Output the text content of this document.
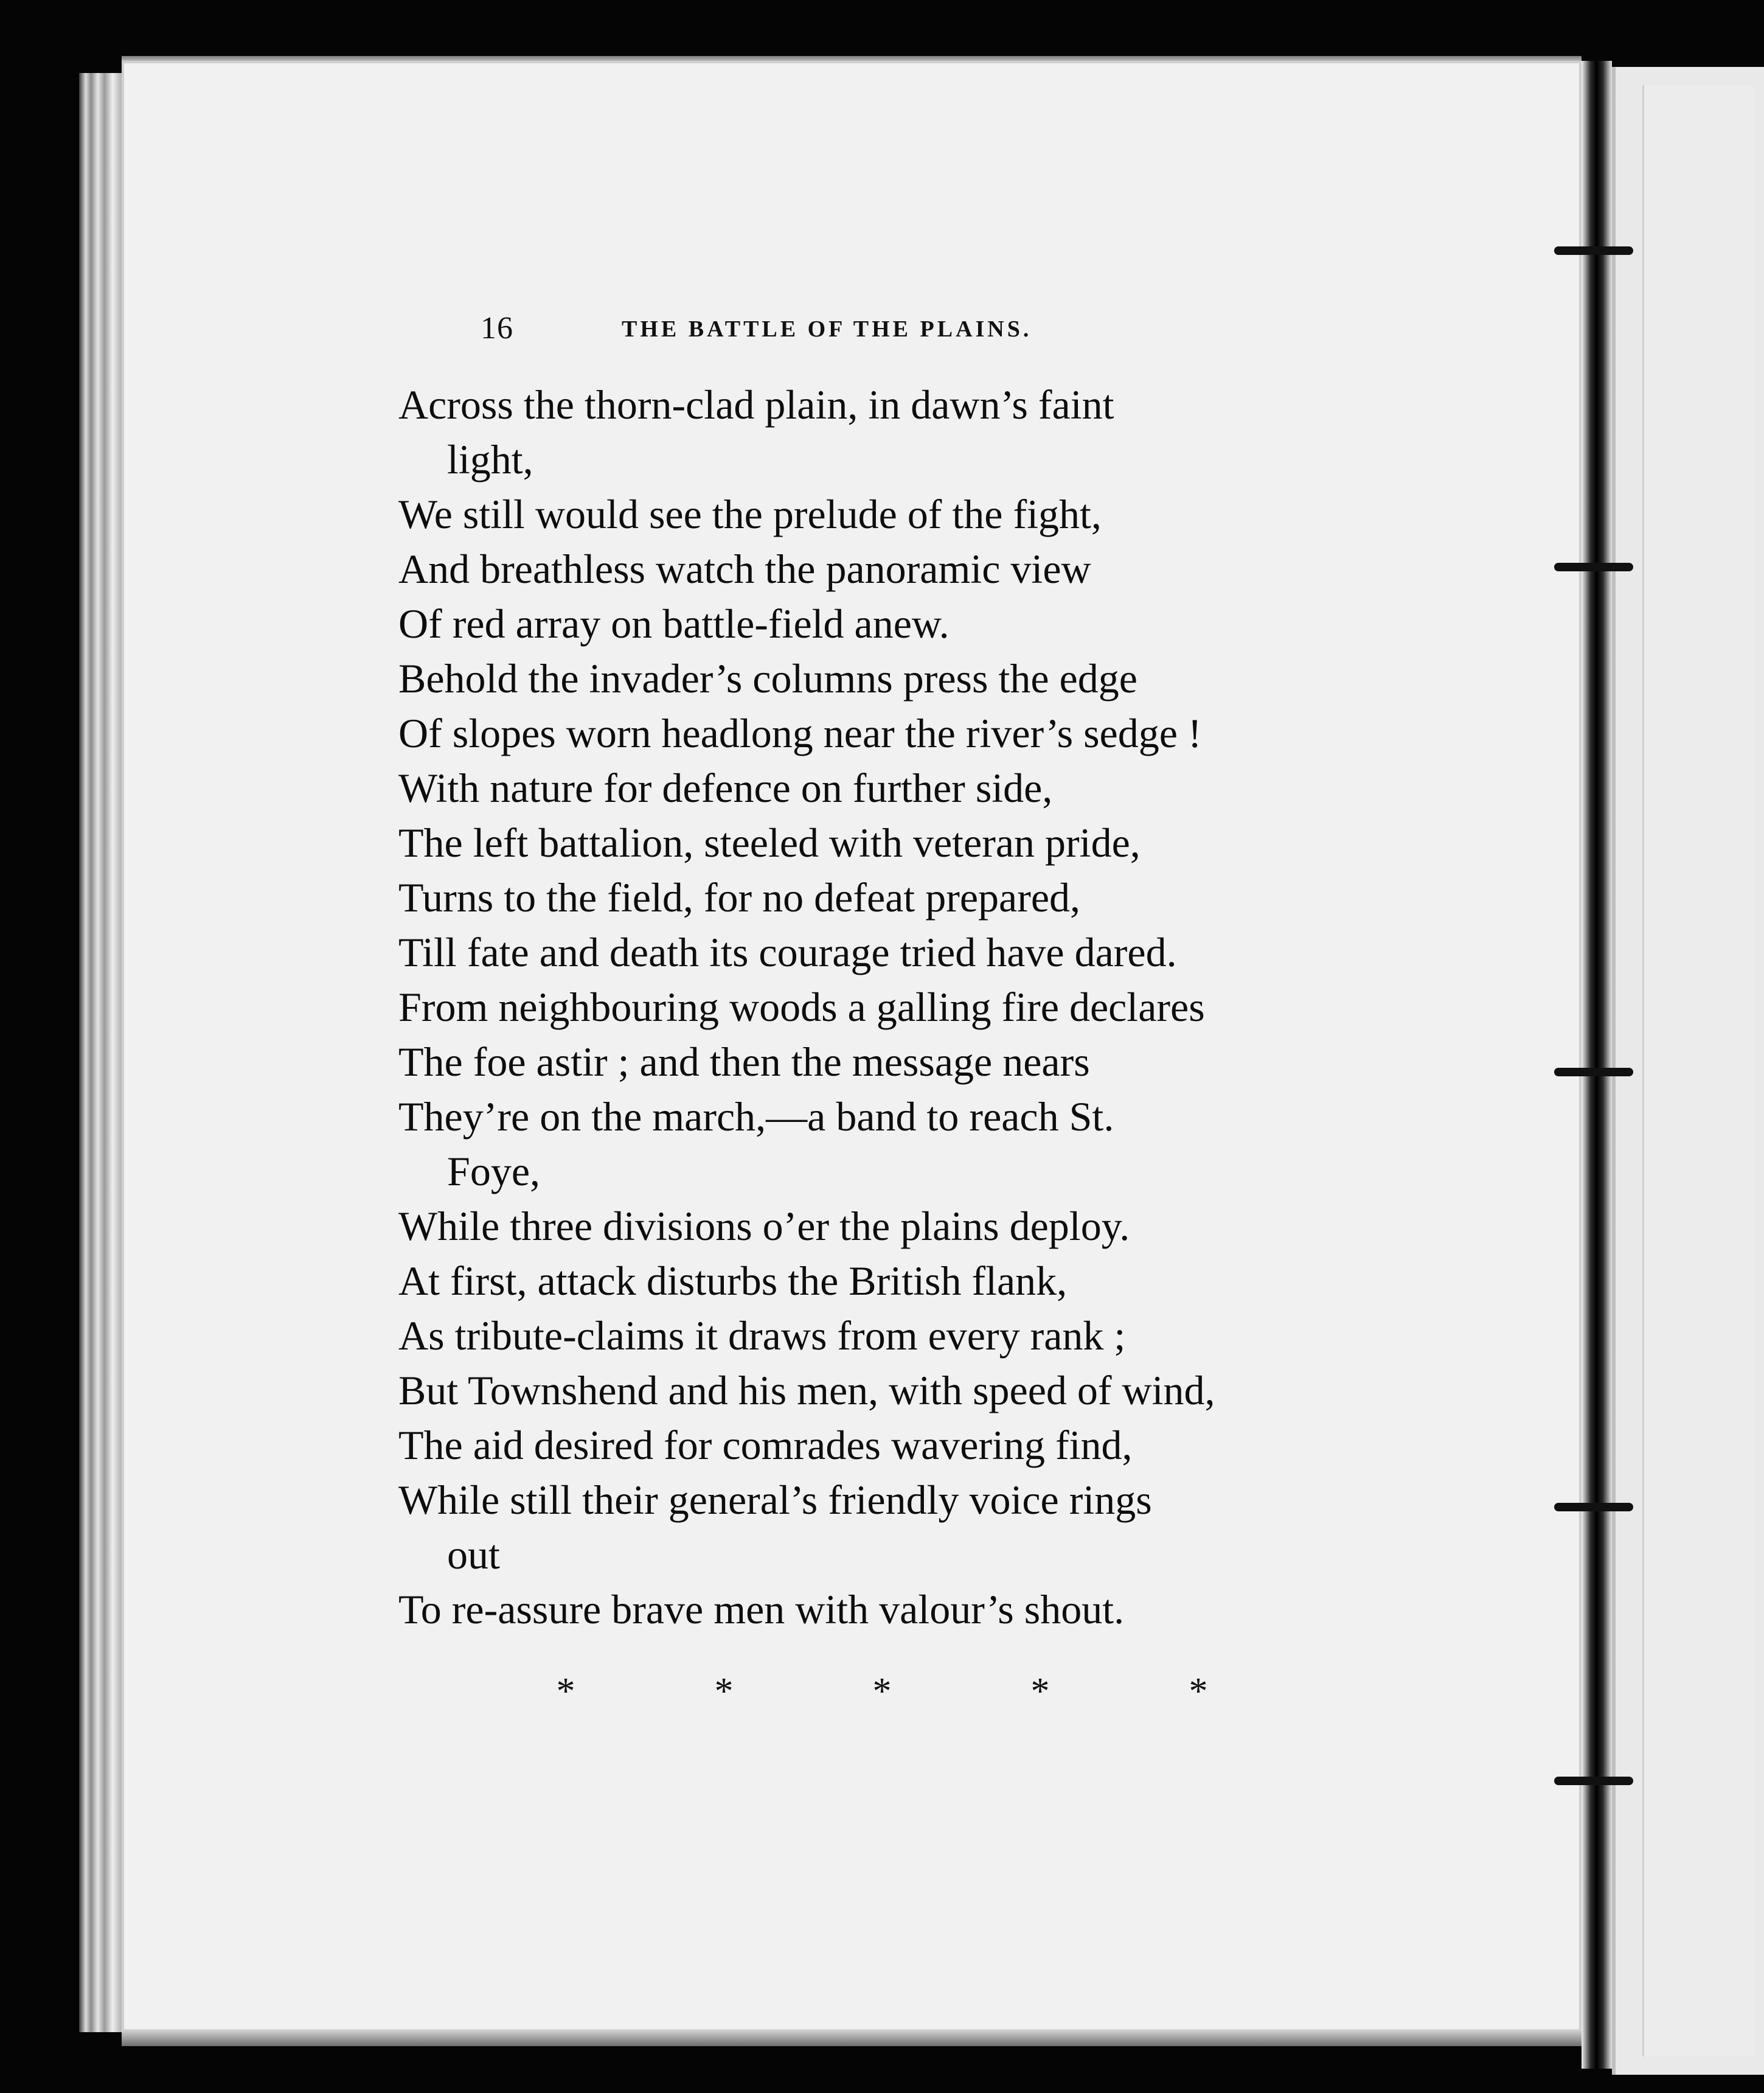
16	THE BATTLE OF THE PLAINS.
Across the thorn-clad plain, in dawn’s faint
light,
We still would see the prelude of the fight,
And breathless watch the panoramic view
Of red array on battle-field anew.
Behold the invader’s columns press the edge
Of slopes worn headlong near the river’s sedge !
With nature for defence on further side,
The left battalion, steeled with veteran pride,
Turns to the field, for no defeat prepared,
Till fate and death its courage tried have dared.
From neighbouring woods a galling fire declares
The foe astir ; and then the message nears
They’re on the march,—a band to reach St.
Foye,
While three divisions o’er the plains deploy.
At first, attack disturbs the British flank,
As tribute-claims it draws from every rank ;
But Townshend and his men, with speed of wind,
The aid desired for comrades wavering find,
While still their general’s friendly voice rings
out
To re-assure brave men with valour’s shout.
*	*	*	*	*
